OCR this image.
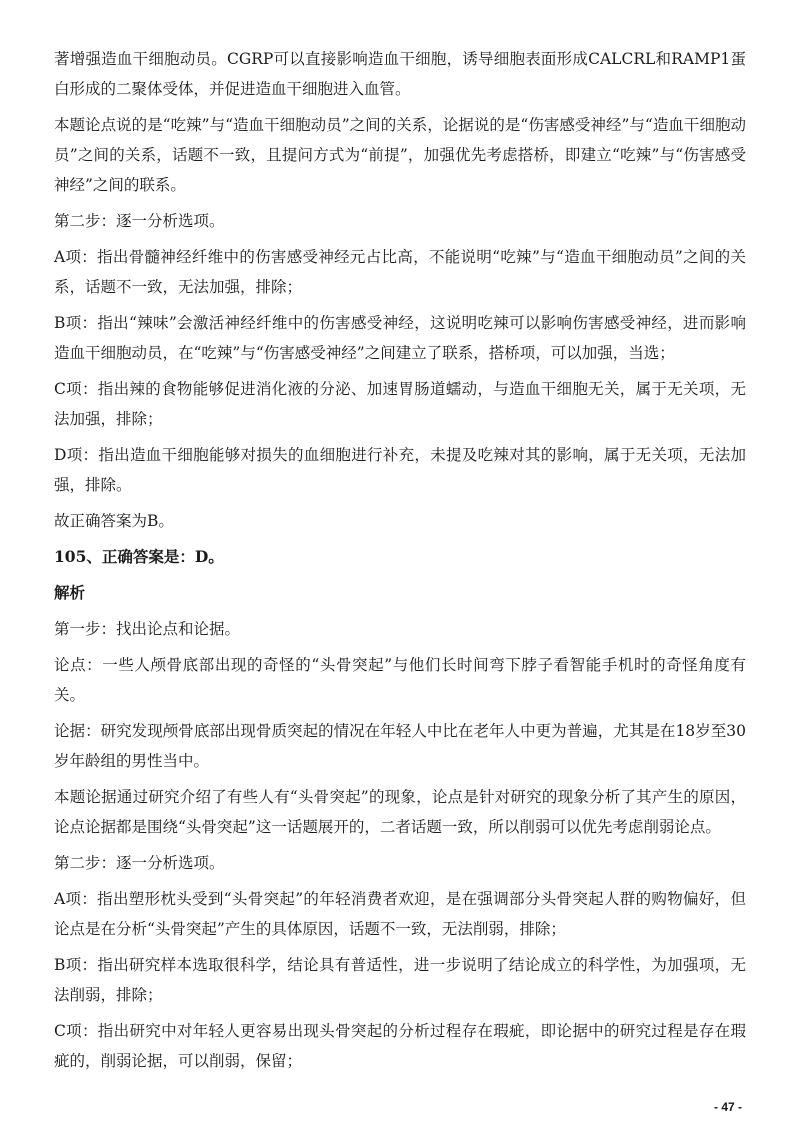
著增强造血干细胞动员。CGRP可以直接影响造血干细胞，诱导细胞表面形成CALCRL和RAMP1蛋白形成的二聚体受体，并促进造血干细胞进入血管。

本题论点说的是“吃辣”与“造血干细胞动员”之间的关系，论据说的是“伤害感受神经”与“造血干细胞动员”之间的关系，话题不一致，且提问方式为“前提”，加强优先考虑搭桥，即建立“吃辣”与“伤害感受神经”之间的联系。

第二步：逐一分析选项。

A项：指出骨髓神经纤维中的伤害感受神经元占比高，不能说明“吃辣”与“造血干细胞动员”之间的关系，话题不一致，无法加强，排除；

B项：指出“辣味”会激活神经纤维中的伤害感受神经，这说明吃辣可以影响伤害感受神经，进而影响造血干细胞动员，在“吃辣”与“伤害感受神经”之间建立了联系，搭桥项，可以加强，当选；

C项：指出辣的食物能够促进消化液的分泌、加速胃肠道蠕动，与造血干细胞无关，属于无关项，无法加强，排除；

D项：指出造血干细胞能够对损失的血细胞进行补充，未提及吃辣对其的影响，属于无关项，无法加强，排除。

故正确答案为B。

105、正确答案是：D。

解析

第一步：找出论点和论据。

论点：一些人颅骨底部出现的奇怪的“头骨突起”与他们长时间弯下脖子看智能手机时的奇怪角度有关。

论据：研究发现颅骨底部出现骨质突起的情况在年轻人中比在老年人中更为普遍，尤其是在18岁至30岁年龄组的男性当中。

本题论据通过研究介绍了有些人有“头骨突起”的现象，论点是针对研究的现象分析了其产生的原因，论点论据都是围绕“头骨突起”这一话题展开的，二者话题一致，所以削弱可以优先考虑削弱论点。

第二步：逐一分析选项。

A项：指出塑形枕头受到“头骨突起”的年轻消费者欢迎，是在强调部分头骨突起人群的购物偏好，但论点是在分析“头骨突起”产生的具体原因，话题不一致，无法削弱，排除；

B项：指出研究样本选取很科学，结论具有普适性，进一步说明了结论成立的科学性，为加强项，无法削弱，排除；

C项：指出研究中对年轻人更容易出现头骨突起的分析过程存在瑕疵，即论据中的研究过程是存在瑕疵的，削弱论据，可以削弱，保留；

- 47 -
